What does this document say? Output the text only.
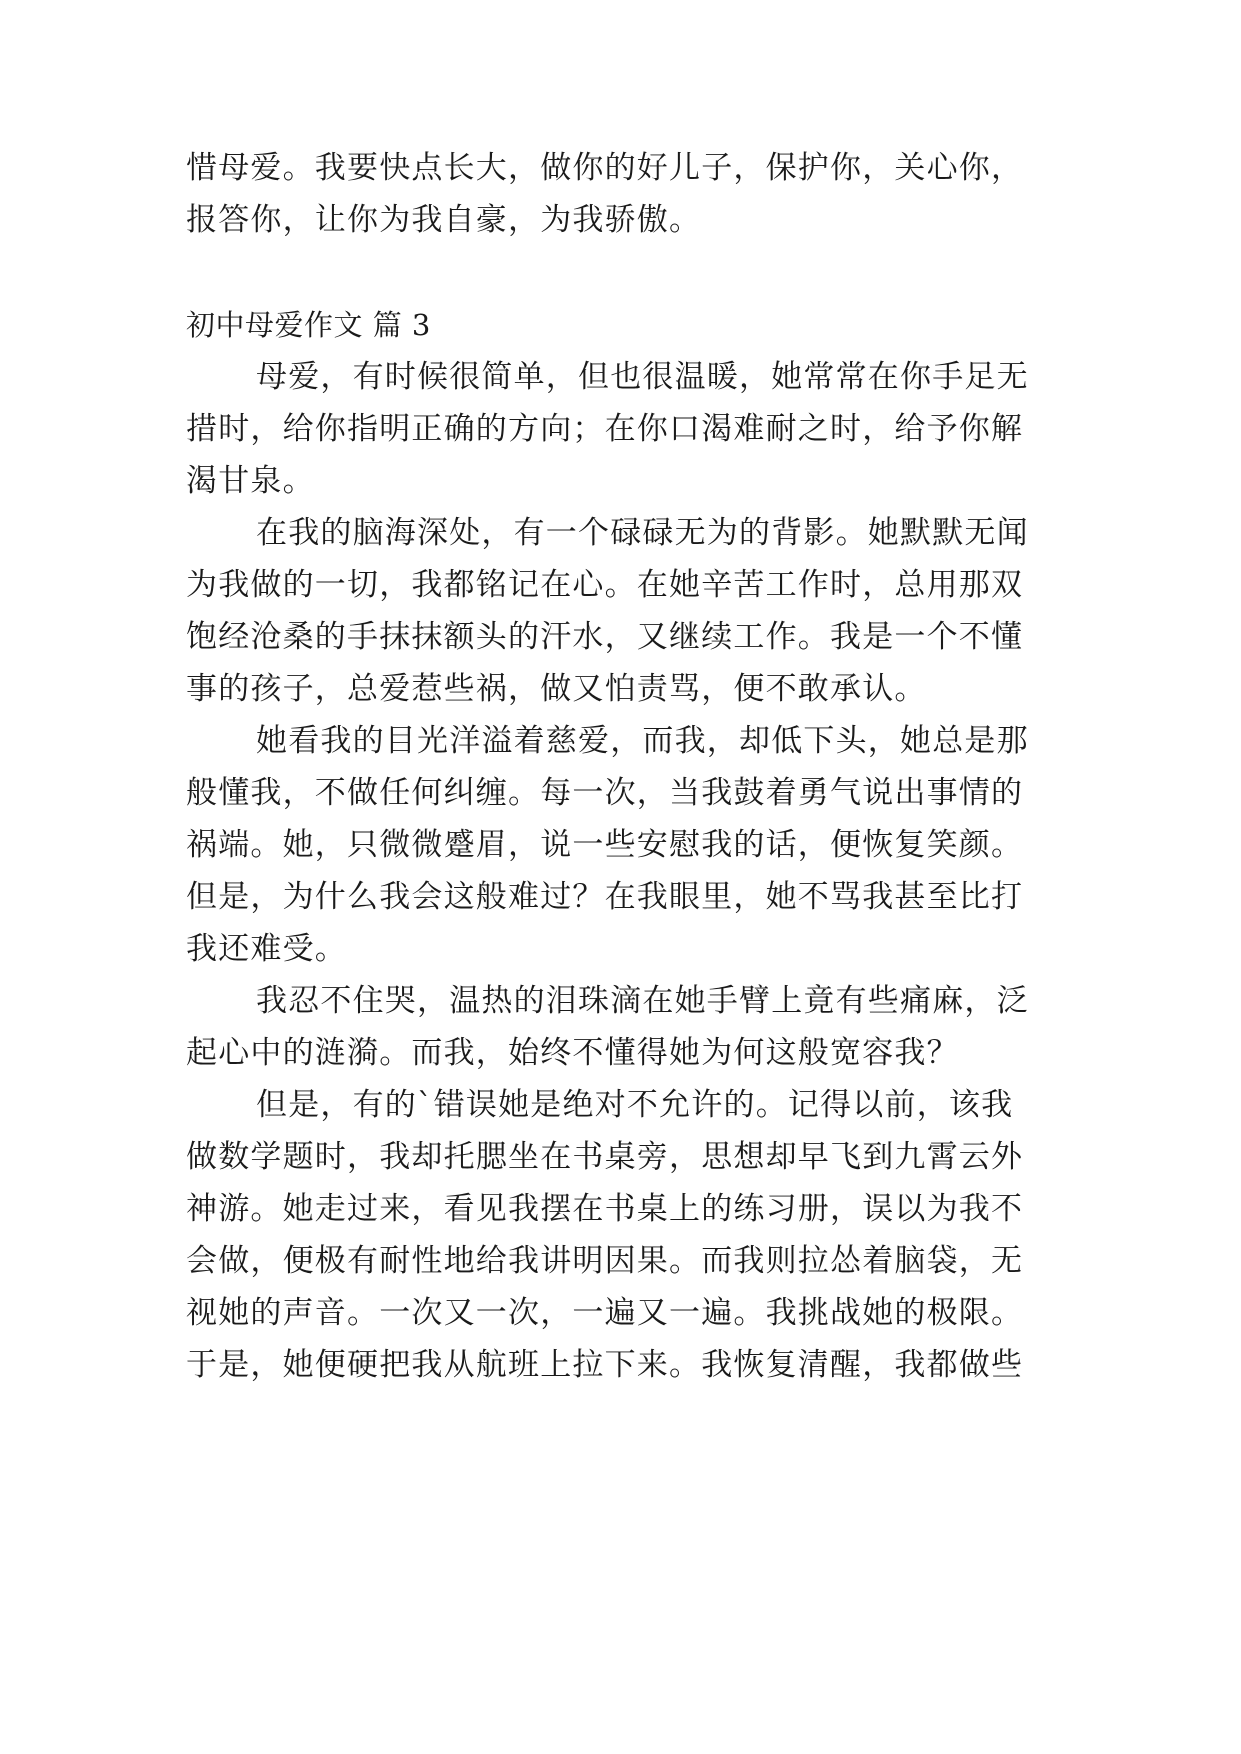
惜母爱。我要快点长大，做你的好儿子，保护你，关心你，
报答你，让你为我自豪，为我骄傲。
初中母爱作文 篇 3
母爱，有时候很简单，但也很温暖，她常常在你手足无
措时，给你指明正确的方向；在你口渴难耐之时，给予你解
渴甘泉。
在我的脑海深处，有一个碌碌无为的背影。她默默无闻
为我做的一切，我都铭记在心。在她辛苦工作时，总用那双
饱经沧桑的手抹抹额头的汗水，又继续工作。我是一个不懂
事的孩子，总爱惹些祸，做又怕责骂，便不敢承认。
她看我的目光洋溢着慈爱，而我，却低下头，她总是那
般懂我，不做任何纠缠。每一次，当我鼓着勇气说出事情的
祸端。她，只微微蹙眉，说一些安慰我的话，便恢复笑颜。
但是，为什么我会这般难过？在我眼里，她不骂我甚至比打
我还难受。
我忍不住哭，温热的泪珠滴在她手臂上竟有些痛麻，泛
起心中的涟漪。而我，始终不懂得她为何这般宽容我？
但是，有的`错误她是绝对不允许的。记得以前，该我
做数学题时，我却托腮坐在书桌旁，思想却早飞到九霄云外
神游。她走过来，看见我摆在书桌上的练习册，误以为我不
会做，便极有耐性地给我讲明因果。而我则拉怂着脑袋，无
视她的声音。一次又一次，一遍又一遍。我挑战她的极限。
于是，她便硬把我从航班上拉下来。我恢复清醒，我都做些
